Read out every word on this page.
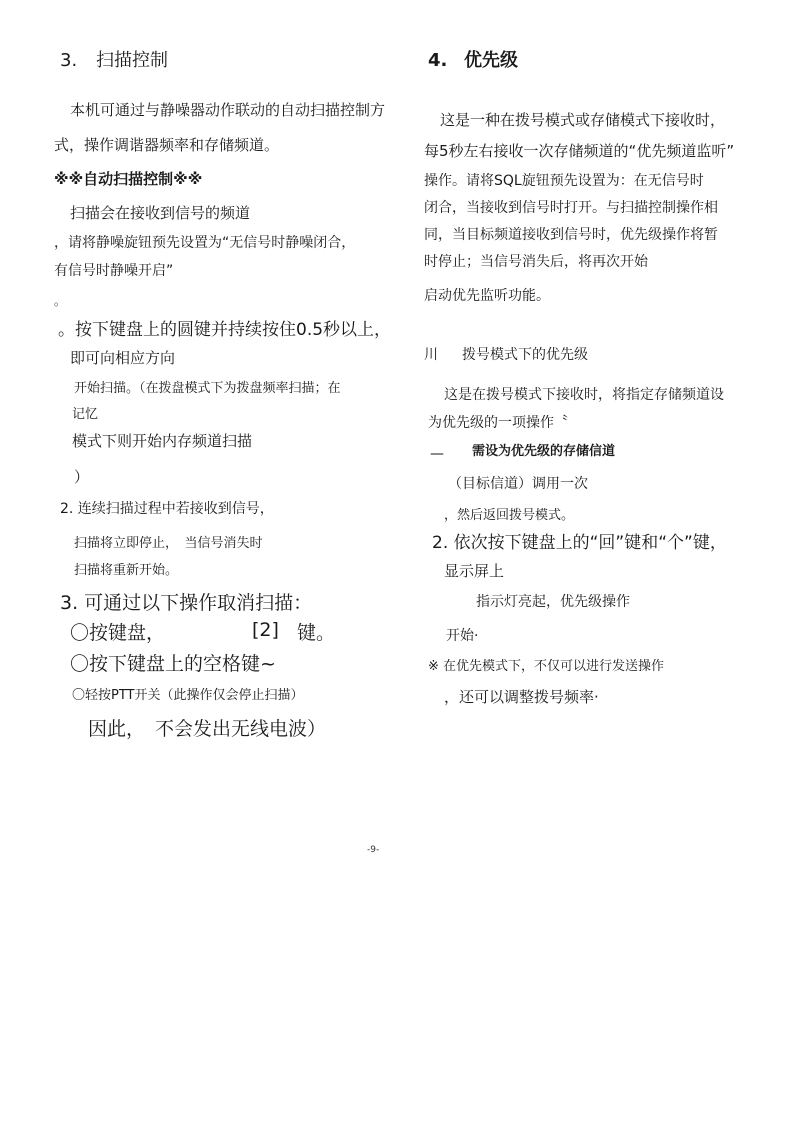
3. 扫描控制
本机可通过与静噪器动作联动的自动扫描控制方
式，操作调谐器频率和存储频道。
※※自动扫描控制※※
扫描会在接收到信号的频道
，请将静噪旋钮预先设置为“无信号时静噪闭合，
有信号时静噪开启”
。
。按下键盘上的圆键并持续按住0.5秒以上，
即可向相应方向
开始扫描。（在拨盘模式下为拨盘频率扫描；在
记忆
模式下则开始内存频道扫描
）
2. 连续扫描过程中若接收到信号，
扫描将立即停止，　当信号消失时
扫描将重新开始。
3. 可通过以下操作取消扫描：
〇按键盘，	[2] 键。
〇按下键盘上的空格键~
〇轻按PTT开关（此操作仅会停止扫描）
因此， 不会发出无线电波）
4. 优先级
这是一种在拨号模式或存储模式下接收时，
每5秒左右接收一次存储频道的“优先频道监听”
操作。请将SQL旋钮预先设置为：在无信号时
闭合，当接收到信号时打开。与扫描控制操作相
同，当目标频道接收到信号时，优先级操作将暂
时停止；当信号消失后，将再次开始
启动优先监听功能。
川 拨号模式下的优先级
这是在拨号模式下接收时，将指定存储频道设
为优先级的一项操作〝
— 需设为优先级的存储信道
（目标信道）调用一次
，然后返回拨号模式。
2. 依次按下键盘上的“回”键和“个”键，
显示屏上
指示灯亮起，优先级操作
开始·
※ 在优先模式下，不仅可以进行发送操作
，还可以调整拨号频率·
-9-
